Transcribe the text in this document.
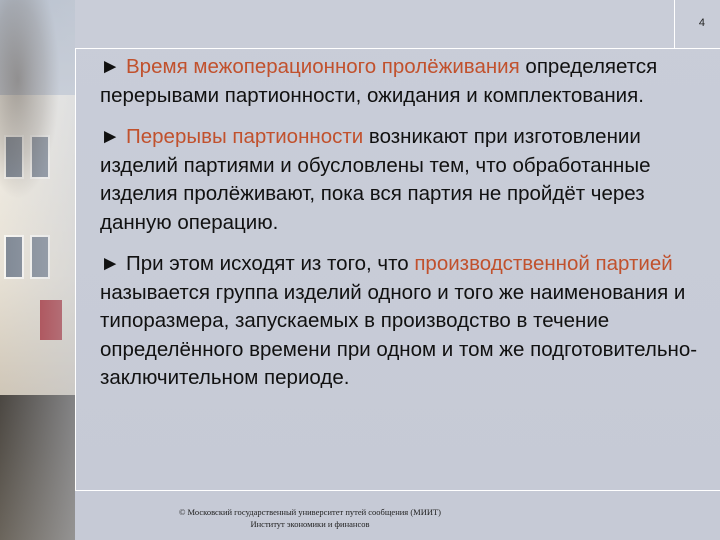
4

► Время межоперационного пролёживания определяется перерывами партионности, ожидания и комплектования.

► Перерывы партионности возникают при изготовлении изделий партиями и обусловлены тем, что обработанные изделия пролёживают, пока вся партия не пройдёт через данную операцию.

► При этом исходят из того, что производственной партией называется группа изделий одного и того же наименования и типоразмера, запускаемых в производство в течение определённого времени при одном и том же подготовительно-заключительном периоде.

© Московский государственный университет путей сообщения (МИИТ)
Институт экономики и финансов
